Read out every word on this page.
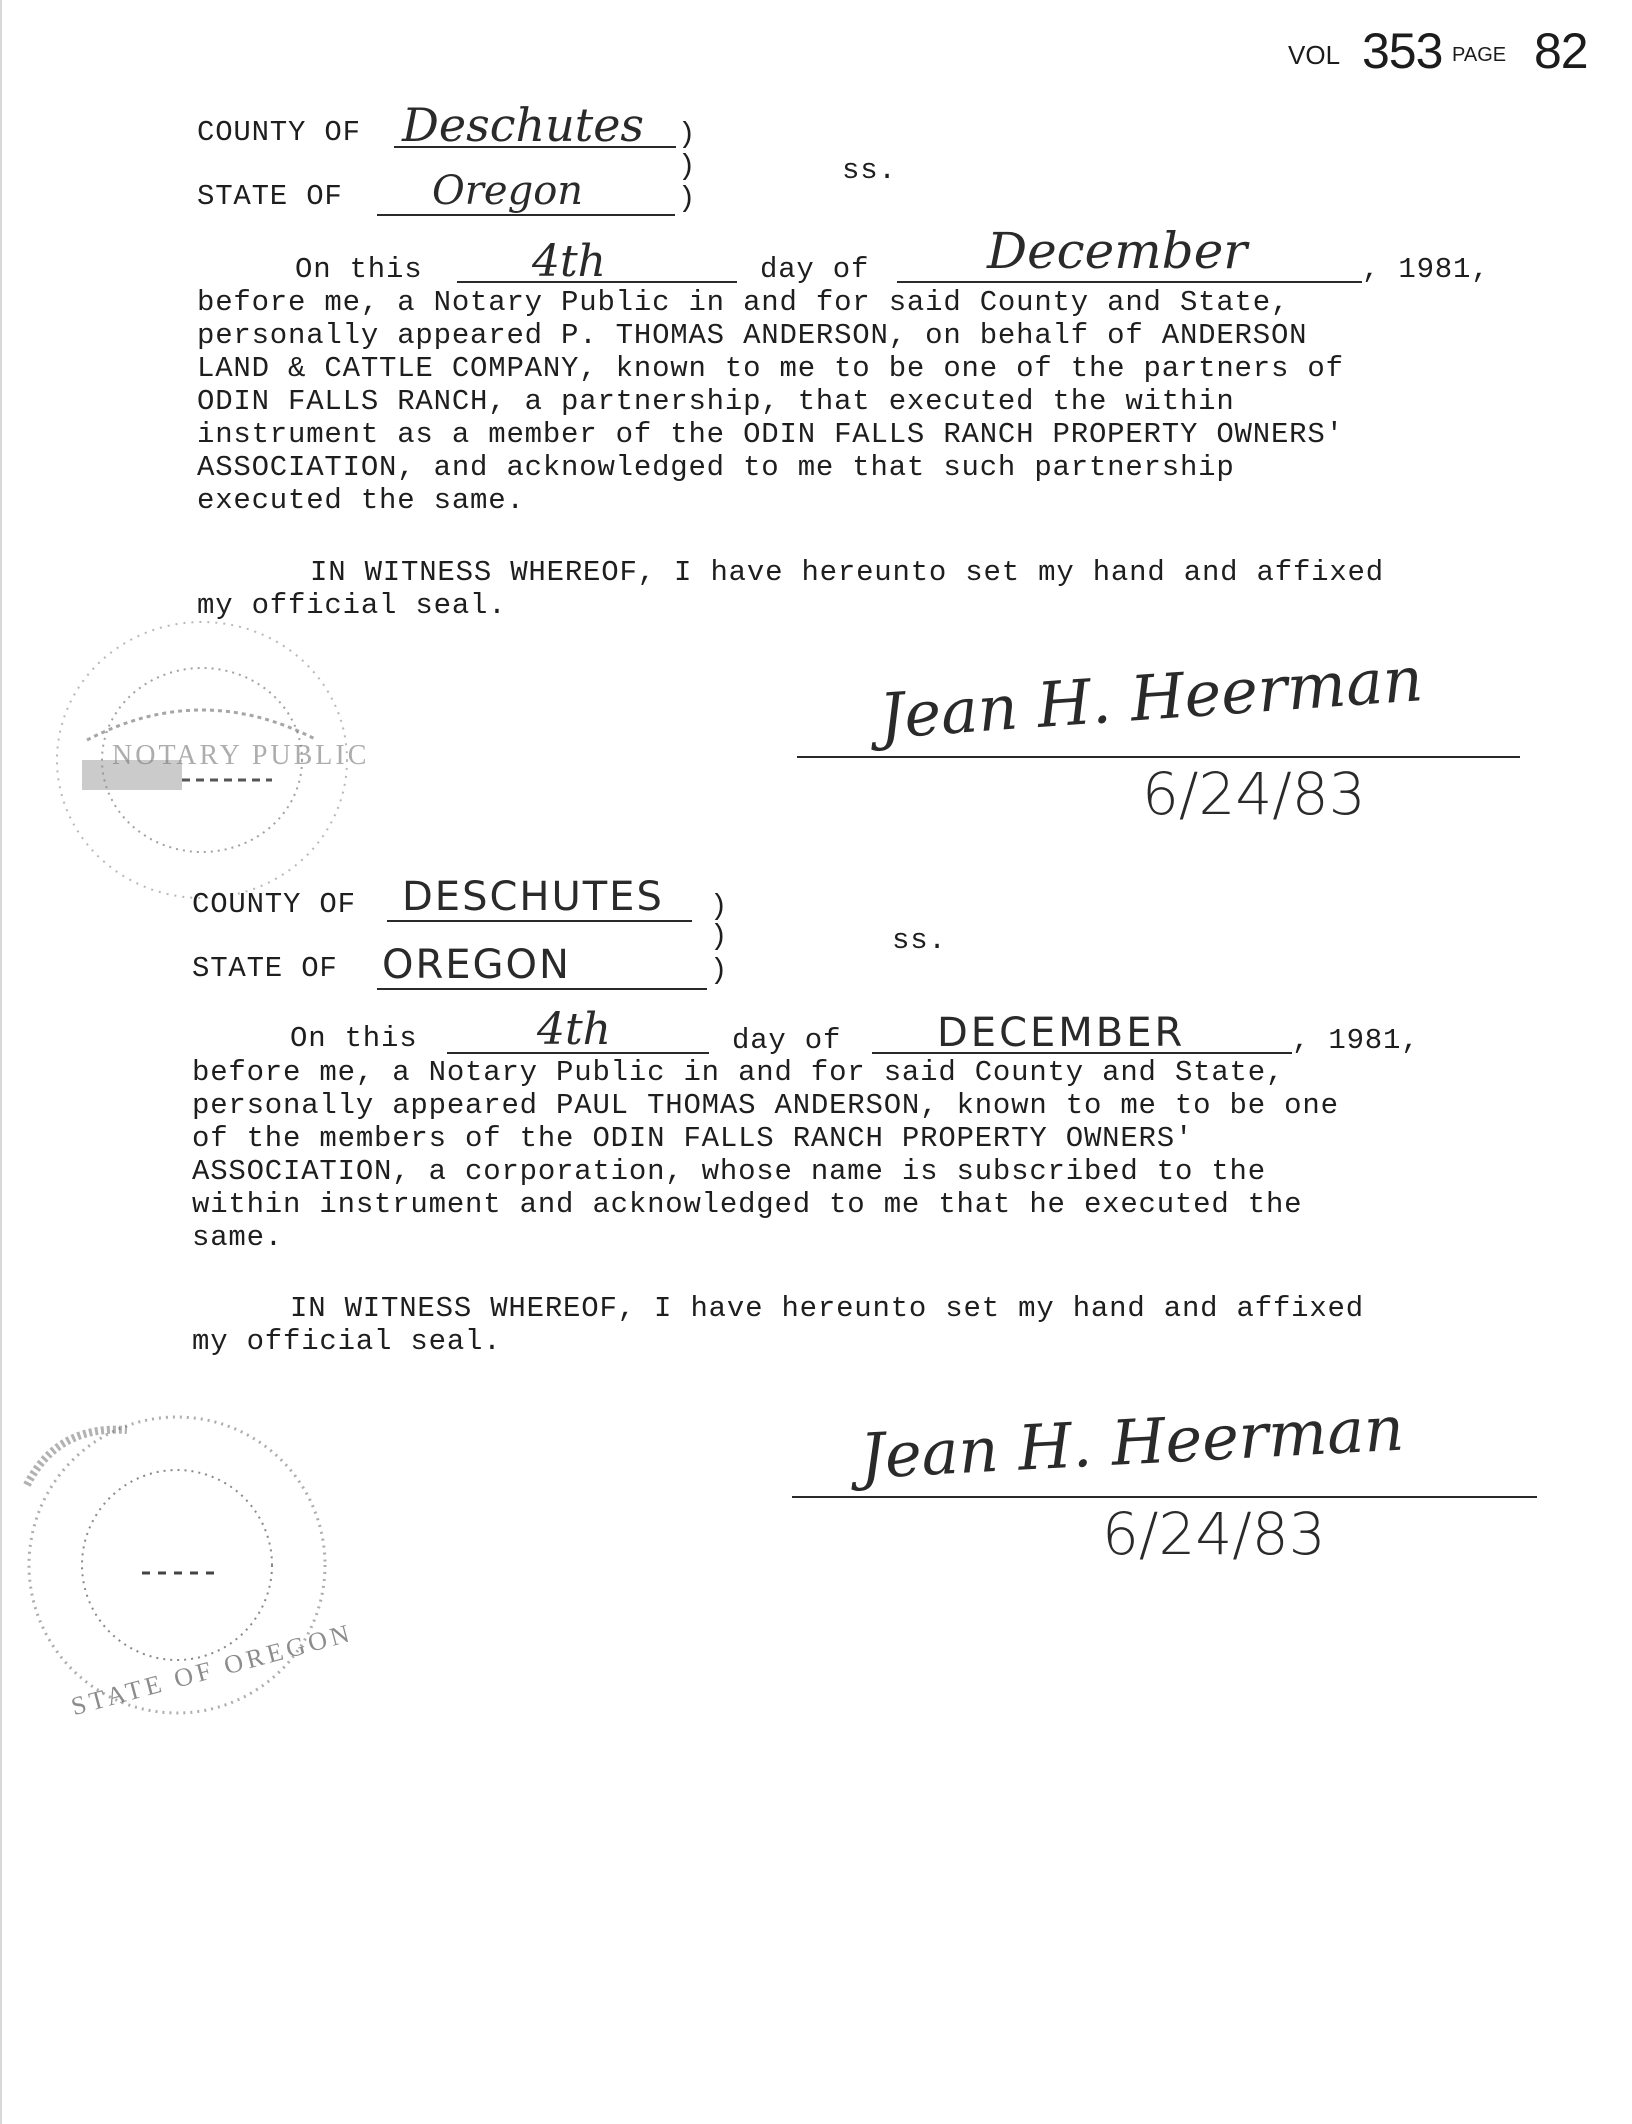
VOL 353 PAGE 82
COUNTY OF Deschutes )
)	ss.
STATE OF Oregon	)
On this 4th	day of December	, 1981,
before me, a Notary Public in and for said County and State,
personally appeared P. THOMAS ANDERSON, on behalf of ANDERSON
LAND & CATTLE COMPANY, known to me to be one of the partners of
ODIN FALLS RANCH, a partnership, that executed the within
instrument as a member of the ODIN FALLS RANCH PROPERTY OWNERS'
ASSOCIATION, and acknowledged to me that such partnership
executed the same.
IN WITNESS WHEREOF, I have hereunto set my hand and affixed
my official seal.
Jean H. Heerman
6/24/83
NOTARY PUBLIC
COUNTY OF DESCHUTES )
)	ss.
STATE OF OREGON	)
On this	4th	day of DECEMBER	, 1981,
before me, a Notary Public in and for said County and State,
personally appeared PAUL THOMAS ANDERSON, known to me to be one
of the members of the ODIN FALLS RANCH PROPERTY OWNERS'
ASSOCIATION, a corporation, whose name is subscribed to the
within instrument and acknowledged to me that he executed the
same.
IN WITNESS WHEREOF, I have hereunto set my hand and affixed
my official seal.
Jean H. Heerman
6/24/83
STATE OF OREGON
